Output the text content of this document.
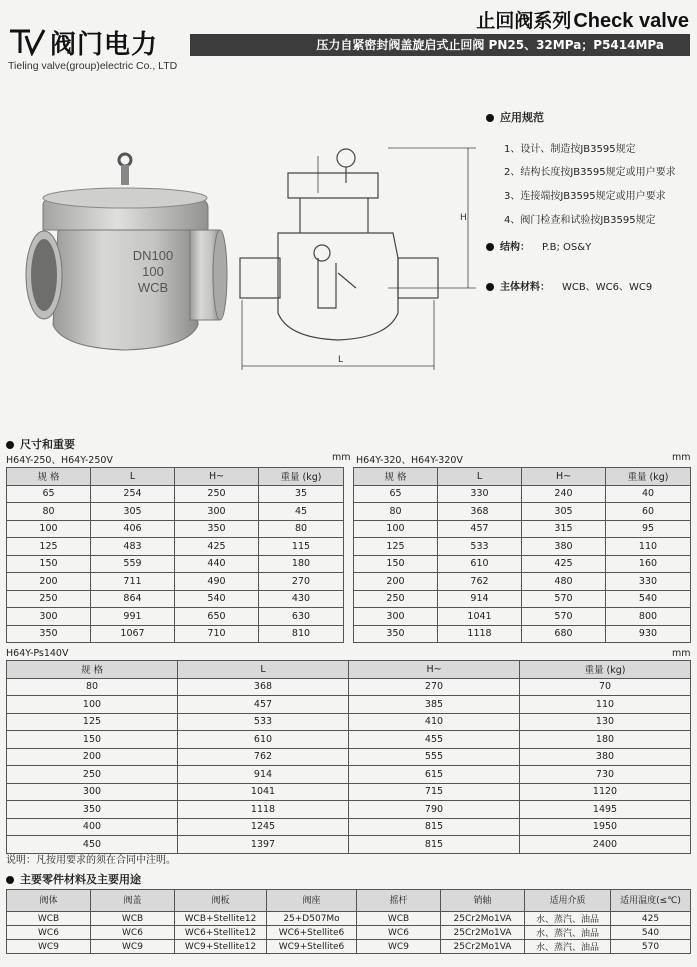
阀门电力
Tieling valve(group)electric Co., LTD
止回阀系列 Check valve
压力自紧密封阀盖旋启式止回阀 PN25、32MPa；P5414MPa
DN100
100
WCB
H
L
应用规范
1、设计、制造按JB3595规定
2、结构长度按JB3595规定或用户要求
3、连接端按JB3595规定或用户要求
4、阀门检查和试验按JB3595规定
结构： P.B; OS&Y
主体材料： WCB、WC6、WC9
尺寸和重要
H64Y-250、H64Y-250V	mm H64Y-320、H64Y-320V	mm
规 格	L	H~	重量 (kg)
65	254	250	35
80	305	300	45
100	406	350	80
125	483	425	115
150	559	440	180
200	711	490	270
250	864	540	430
300	991	650	630
350	1067	710	810
规 格	L	H~	重量 (kg)
65	330	240	40
80	368	305	60
100	457	315	95
125	533	380	110
150	610	425	160
200	762	480	330
250	914	570	540
300	1041	570	800
350	1118	680	930
H64Y-Ps140V	mm
规 格	L	H~	重量 (kg)
80	368	270	70
100	457	385	110
125	533	410	130
150	610	455	180
200	762	555	380
250	914	615	730
300	1041	715	1120
350	1118	790	1495
400	1245	815	1950
450	1397	815	2400
说明：凡按用要求的须在合同中注明。
主要零件材料及主要用途
阀体	阀盖	阀板	阀座	摇杆	销轴	适用介质	适用温度(≤℃)
WCB	WCB	WCB+Stellite12	25+D507Mo	WCB	25Cr2Mo1VA	水、蒸汽、油品	425
WC6	WC6	WC6+Stellite12	WC6+Stellite6	WC6	25Cr2Mo1VA	水、蒸汽、油品	540
WC9	WC9	WC9+Stellite12	WC9+Stellite6	WC9	25Cr2Mo1VA	水、蒸汽、油品	570
